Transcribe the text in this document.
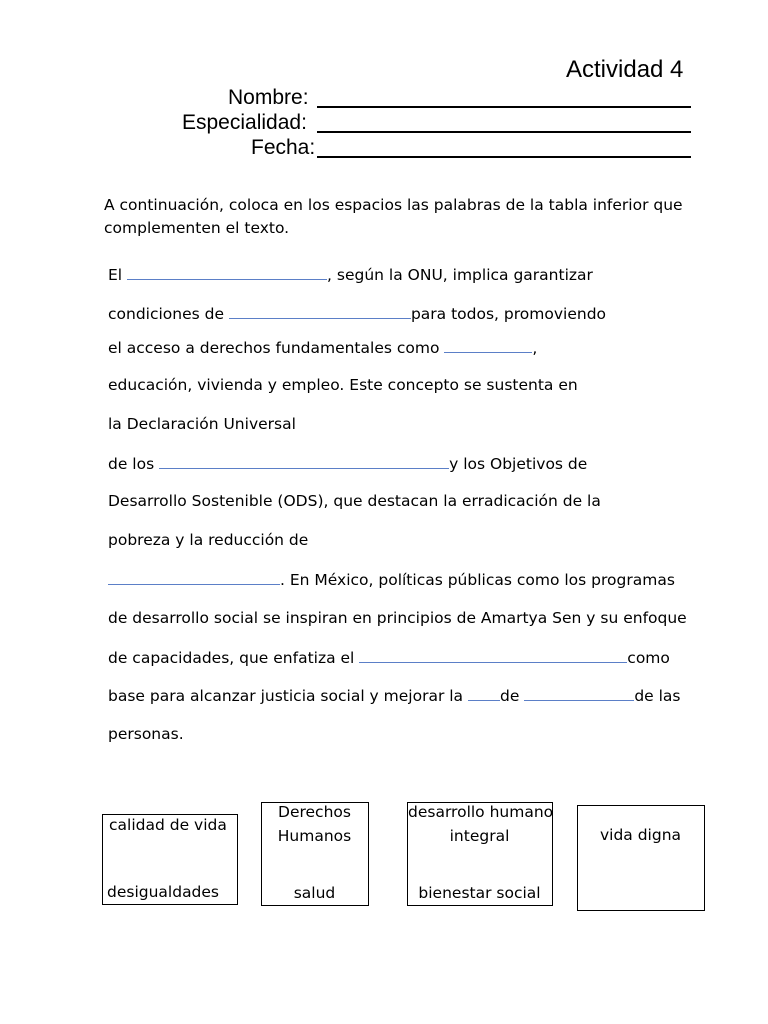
Actividad 4
Nombre:
Especialidad:
Fecha:
A continuación, coloca en los espacios las palabras de la tabla inferior que complementen el texto.
El	, según la ONU, implica garantizar
condiciones de	para todos, promoviendo
el acceso a derechos fundamentales como	,
educación, vivienda y empleo. Este concepto se sustenta en
la Declaración Universal
de los	y los Objetivos de
Desarrollo Sostenible (ODS), que destacan la erradicación de la
pobreza y la reducción de
. En México, políticas públicas como los programas
de desarrollo social se inspiran en principios de Amartya Sen y su enfoque
de capacidades, que enfatiza el	como
base para alcanzar justicia social y mejorar la de	de las
personas.
calidad de vida
desigualdades
Derechos
Humanos
salud
desarrollo humano
integral
bienestar social
vida digna
